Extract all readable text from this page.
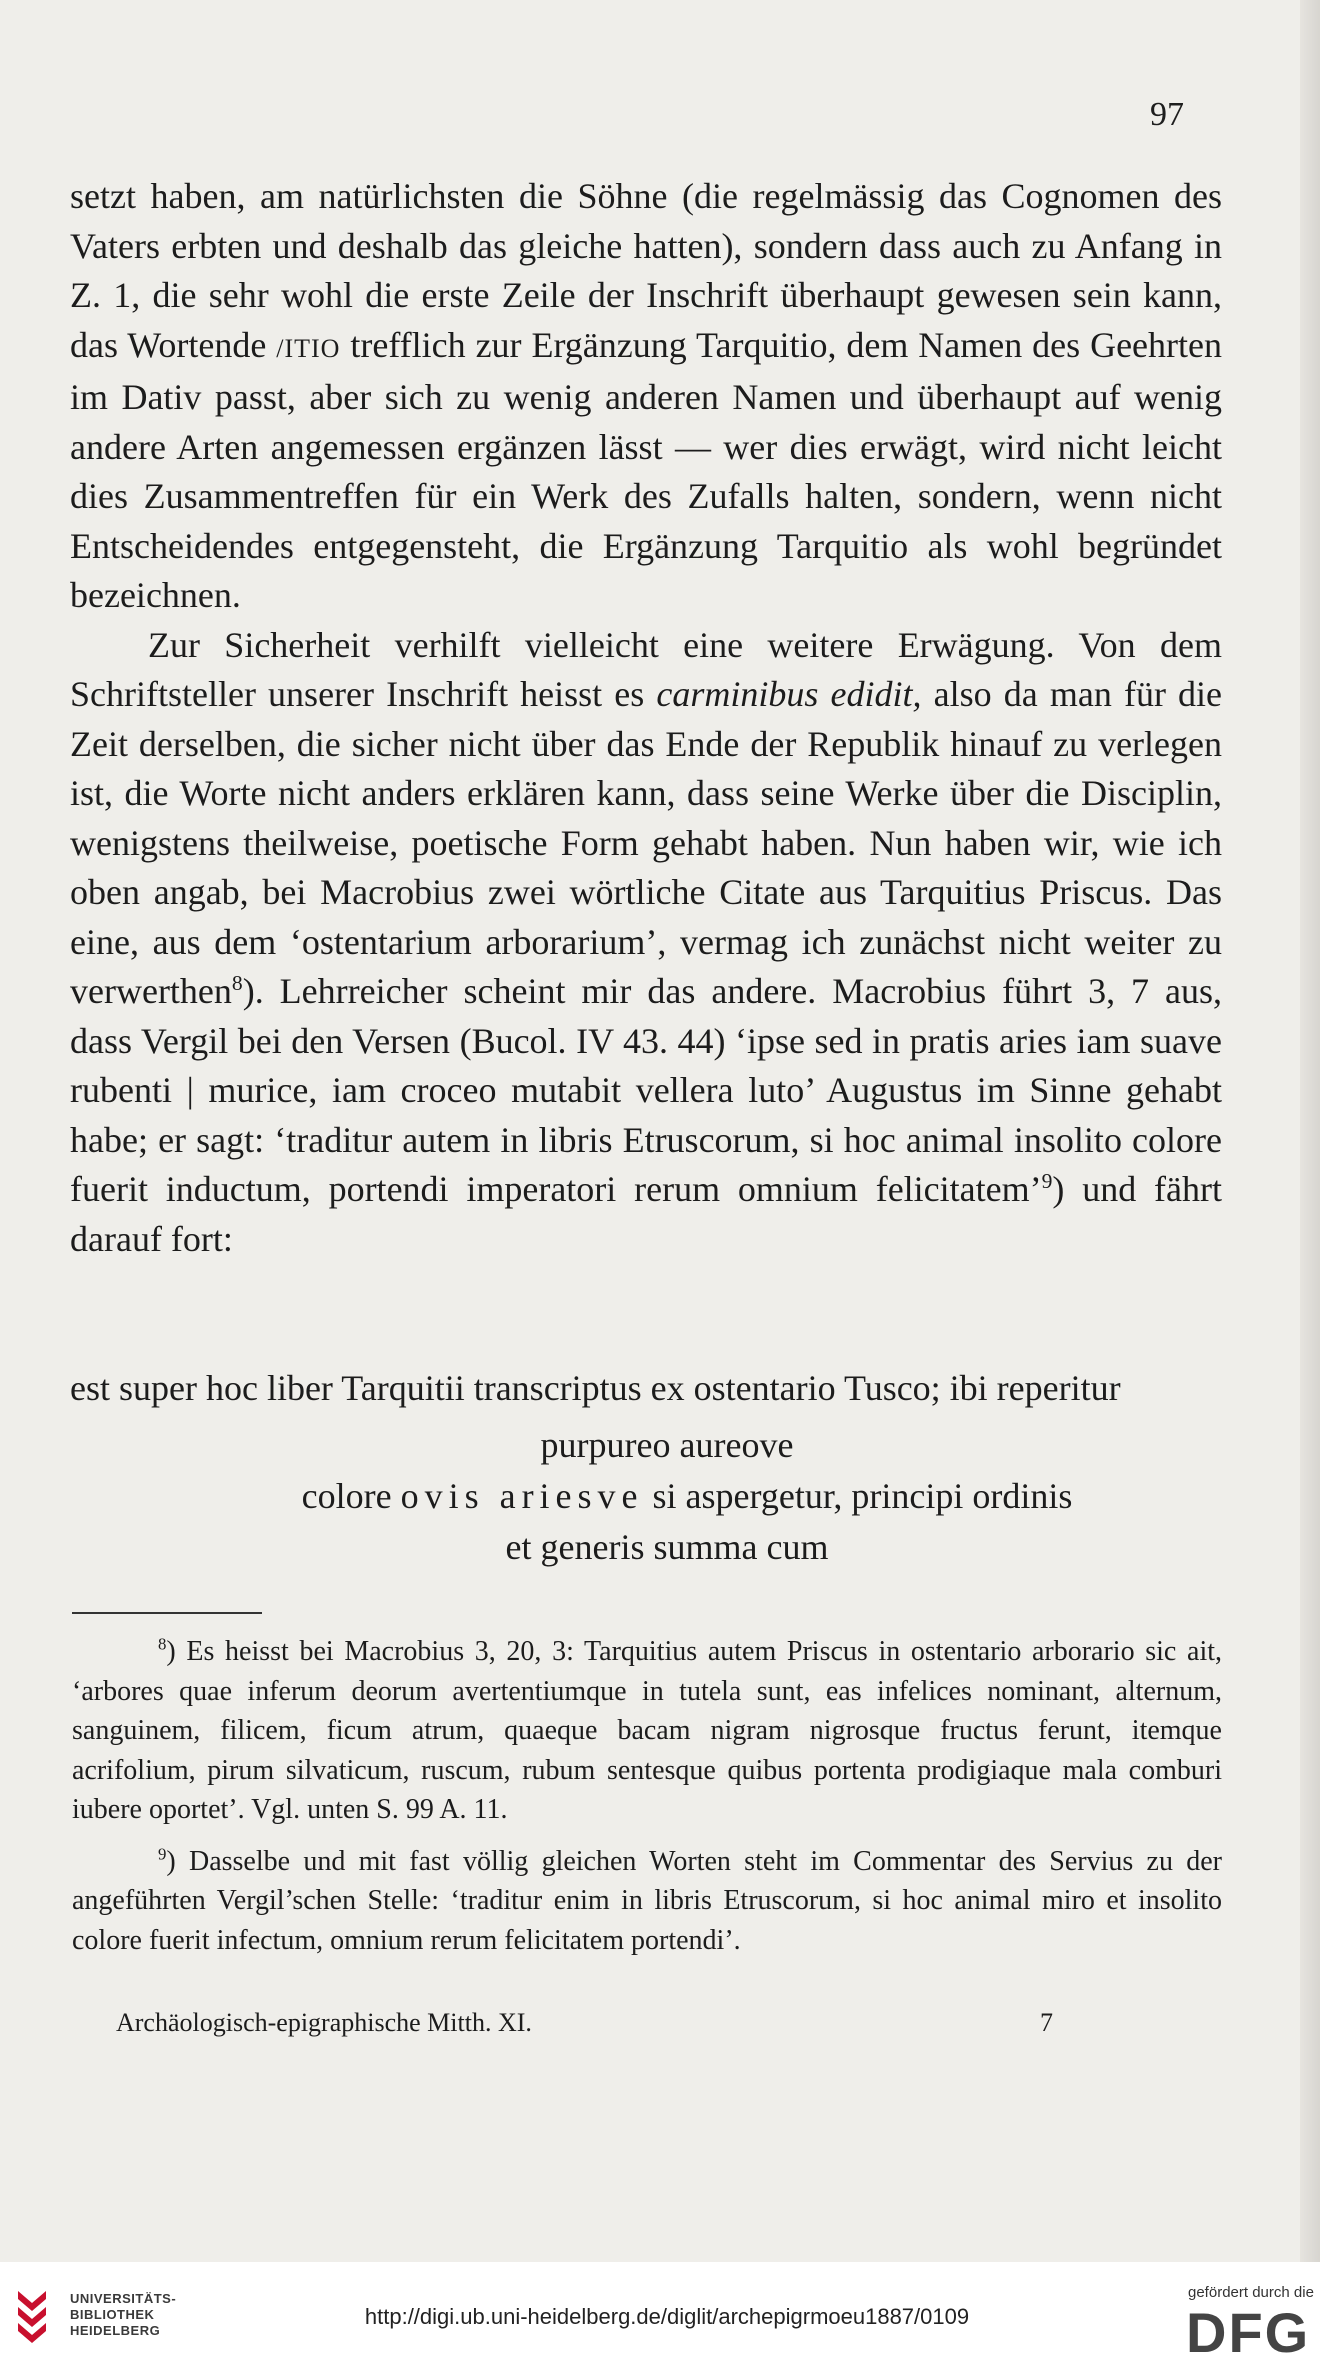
97

setzt haben, am natürlichsten die Söhne (die regelmässig das Cognomen des Vaters erbten und deshalb das gleiche hatten), sondern dass auch zu Anfang in Z. 1, die sehr wohl die erste Zeile der Inschrift überhaupt gewesen sein kann, das Wortende /ITIO trefflich zur Ergänzung Tarquitio, dem Namen des Geehrten im Dativ passt, aber sich zu wenig anderen Namen und überhaupt auf wenig andere Arten angemessen ergänzen lässt — wer dies erwägt, wird nicht leicht dies Zusammentreffen für ein Werk des Zufalls halten, sondern, wenn nicht Entscheidendes entgegensteht, die Ergänzung Tarquitio als wohl begründet bezeichnen.

Zur Sicherheit verhilft vielleicht eine weitere Erwägung. Von dem Schriftsteller unserer Inschrift heisst es carminibus edidit, also da man für die Zeit derselben, die sicher nicht über das Ende der Republik hinauf zu verlegen ist, die Worte nicht anders erklären kann, dass seine Werke über die Disciplin, wenigstens theilweise, poetische Form gehabt haben. Nun haben wir, wie ich oben angab, bei Macrobius zwei wörtliche Citate aus Tarquitius Priscus. Das eine, aus dem ‘ostentarium arborarium’, vermag ich zunächst nicht weiter zu verwerthen$^8$). Lehrreicher scheint mir das andere. Macrobius führt 3, 7 aus, dass Vergil bei den Versen (Bucol. IV 43. 44) ‘ipse sed in pratis aries iam suave rubenti | murice, iam croceo mutabit vellera luto’ Augustus im Sinne gehabt habe; er sagt: ‘traditur autem in libris Etruscorum, si hoc animal insolito colore fuerit inductum, portendi imperatori rerum omnium felicitatem’$^9$) und fährt darauf fort:

est super hoc liber Tarquitii transcriptus ex ostentario Tusco; ibi reperitur
purpureo aureove
colore ovis ariesve si aspergetur, principi ordinis
et generis summa cum

$^8$) Es heisst bei Macrobius 3, 20, 3: Tarquitius autem Priscus in ostentario arborario sic ait, ‘arbores quae inferum deorum avertentiumque in tutela sunt, eas infelices nominant, alternum, sanguinem, filicem, ficum atrum, quaeque bacam nigram nigrosque fructus ferunt, itemque acrifolium, pirum silvaticum, ruscum, rubum sentesque quibus portenta prodigiaque mala comburi iubere oportet’. Vgl. unten S. 99 A. 11.

$^9$) Dasselbe und mit fast völlig gleichen Worten steht im Commentar des Servius zu der angeführten Vergil’schen Stelle: ‘traditur enim in libris Etruscorum, si hoc animal miro et insolito colore fuerit infectum, omnium rerum felicitatem portendi’.

Archäologisch-epigraphische Mitth. XI.	7
UNIVERSITÄTS-
BIBLIOTHEK
HEIDELBERG
http://digi.ub.uni-heidelberg.de/diglit/archepigrmoeu1887/0109
gefördert durch die
DFG
